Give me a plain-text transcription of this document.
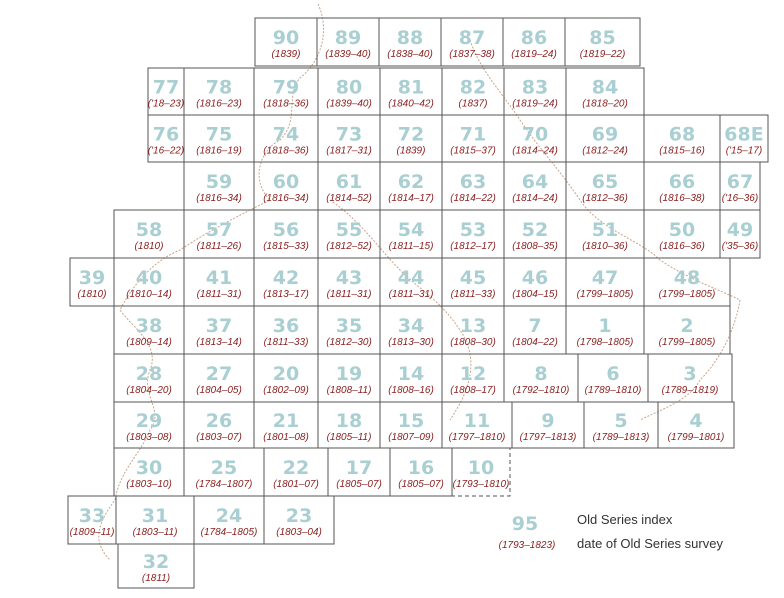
90
(1839)
89
(1839–40)
88
(1838–40)
87
(1837–38)
86
(1819–24)
85
(1819–22)
77
('18–23)
78
(1816–23)
79
(1818–36)
80
(1839–40)
81
(1840–42)
82
(1837)
83
(1819–24)
84
(1818–20)
76
('16–22)
75
(1816–19)
74
(1818–36)
73
(1817–31)
72
(1839)
71
(1815–37)
70
(1814–24)
69
(1812–24)
68
(1815–16)
68E
('15–17)
59
(1816–34)
60
(1816–34)
61
(1814–52)
62
(1814–17)
63
(1814–22)
64
(1814–24)
65
(1812–36)
66
(1816–38)
67
('16–36)
58
(1810)
57
(1811–26)
56
(1815–33)
55
(1812–52)
54
(1811–15)
53
(1812–17)
52
(1808–35)
51
(1810–36)
50
(1816–36)
49
('35–36)
39
(1810)
40
(1810–14)
41
(1811–31)
42
(1813–17)
43
(1811–31)
44
(1811–31)
45
(1811–33)
46
(1804–15)
47
(1799–1805)
48
(1799–1805)
38
(1809–14)
37
(1813–14)
36
(1811–33)
35
(1812–30)
34
(1813–30)
13
(1808–30)
7
(1804–22)
1
(1798–1805)
2
(1799–1805)
28
(1804–20)
27
(1804–05)
20
(1802–09)
19
(1808–11)
14
(1808–16)
12
(1808–17)
8
(1792–1810)
6
(1789–1810)
3
(1789–1819)
29
(1803–08)
26
(1803–07)
21
(1801–08)
18
(1805–11)
15
(1807–09)
11
(1797–1810)
9
(1797–1813)
5
(1789–1813)
4
(1799–1801)
30
(1803–10)
25
(1784–1807)
22
(1801–07)
17
(1805–07)
16
(1805–07)
10
(1793–1810)
33
(1809–11)
31
(1803–11)
24
(1784–1805)
23
(1803–04)
32
(1811)
95
(1793–1823)
Old Series index
date of Old Series survey
